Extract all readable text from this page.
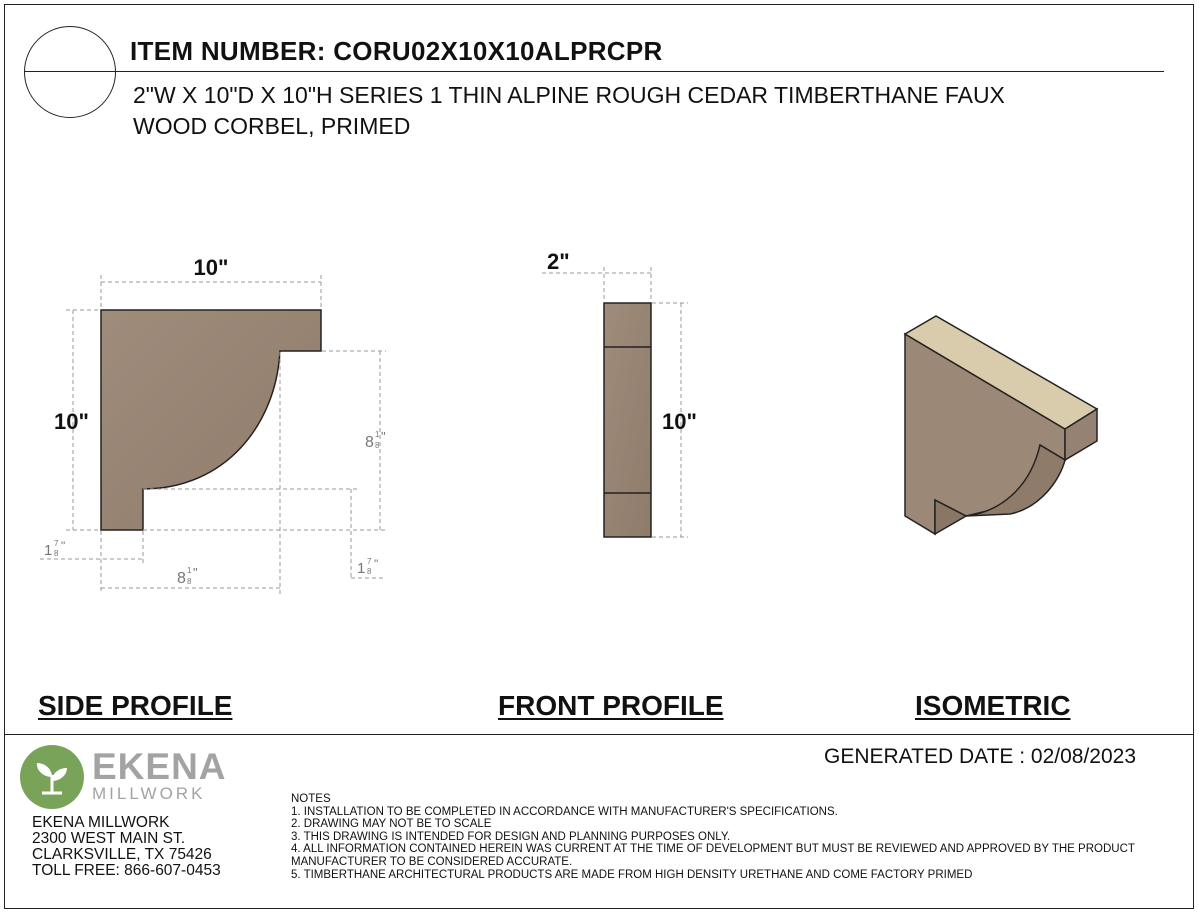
ITEM NUMBER: CORU02X10X10ALPRCPR
2"W X 10"D X 10"H SERIES 1 THIN ALPINE ROUGH CEDAR TIMBERTHANE FAUX
WOOD CORBEL, PRIMED
10"
10"
8 1
8
"
8 1
8
"
1 7
8
"
1 7
8
"
2"
10"
SIDE PROFILE	FRONT PROFILE	ISOMETRIC
EKENA
MILLWORK
EKENA MILLWORK
2300 WEST MAIN ST.
CLARKSVILLE, TX 75426
TOLL FREE: 866-607-0453
GENERATED DATE : 02/08/2023
NOTES
1. INSTALLATION TO BE COMPLETED IN ACCORDANCE WITH MANUFACTURER'S SPECIFICATIONS.
2. DRAWING MAY NOT BE TO SCALE
3. THIS DRAWING IS INTENDED FOR DESIGN AND PLANNING PURPOSES ONLY.
4. ALL INFORMATION CONTAINED HEREIN WAS CURRENT AT THE TIME OF DEVELOPMENT BUT MUST BE REVIEWED AND APPROVED BY THE PRODUCT MANUFACTURER TO BE CONSIDERED ACCURATE.
5. TIMBERTHANE ARCHITECTURAL PRODUCTS ARE MADE FROM HIGH DENSITY URETHANE AND COME FACTORY PRIMED
